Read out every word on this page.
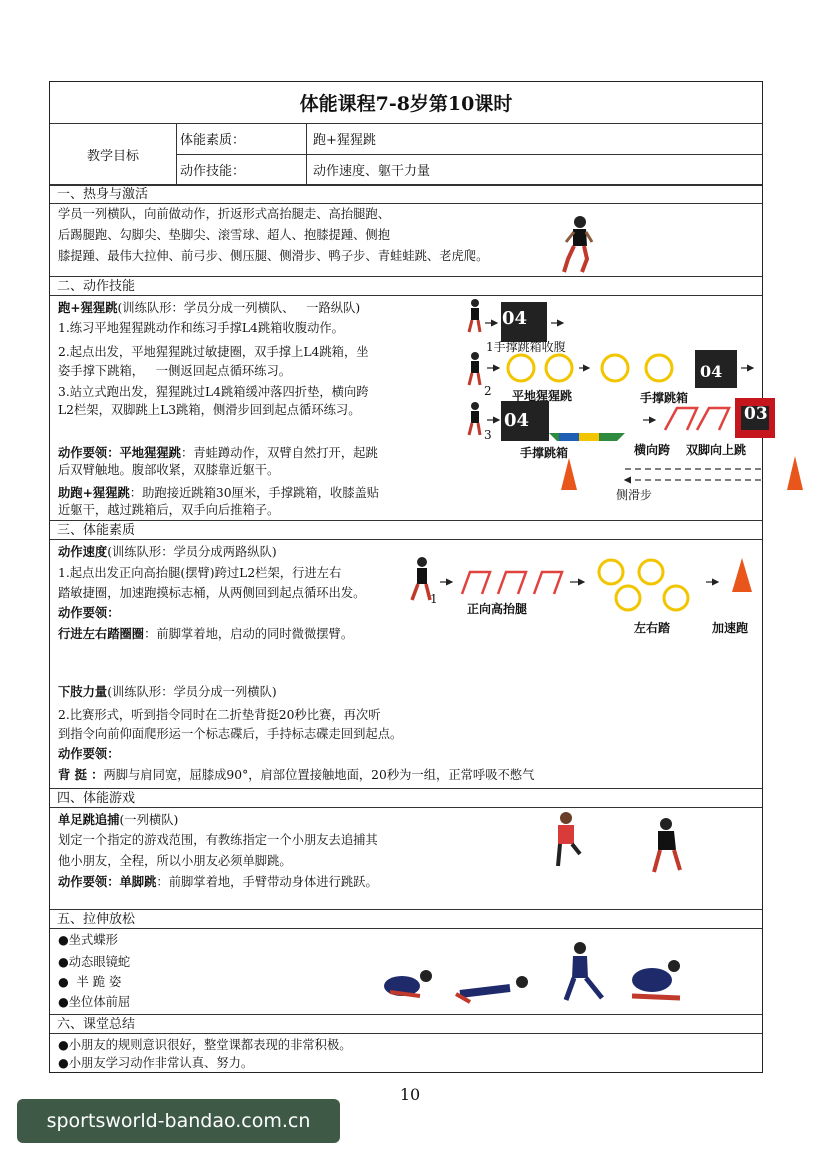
体能课程7-8岁第10课时
教学目标
体能素质：	跑+猩猩跳
动作技能：	动作速度、躯干力量
一、热身与激活
学员一列横队，向前做动作，折返形式高抬腿走、高抬腿跑、
后踢腿跑、勾脚尖、垫脚尖、滚雪球、超人、抱膝提踵、侧抱
膝提踵、最伟大拉伸、前弓步、侧压腿、侧滑步、鸭子步、青蛙蛙跳、老虎爬。
二、动作技能
跑+猩猩跳(训练队形：学员分成一列横队、   一路纵队)
1.练习平地猩猩跳动作和练习手撑L4跳箱收腹动作。
2.起点出发，平地猩猩跳过敏捷圈，双手撑上L4跳箱，坐
姿手撑下跳箱，   一侧返回起点循环练习。
3.站立式跑出发，猩猩跳过L4跳箱缓冲落四折垫，横向跨
L2栏架，双脚跳上L3跳箱，侧滑步回到起点循环练习。
动作要领：平地猩猩跳：青蛙蹲动作，双臂自然打开，起跳
后双臂触地。腹部收紧，双膝靠近躯干。
助跑+猩猩跳：助跑接近跳箱30厘米，手撑跳箱，收膝盖贴
近躯干，越过跳箱后，双手向后推箱子。
04
1手撑跳箱收腹
2 平地猩猩跳
04
手撑跳箱
3
04	03
手撑跳箱	横向跨 双脚向上跳
侧滑步
三、体能素质
动作速度(训练队形：学员分成两路纵队)
1.起点出发正向高抬腿(摆臂)跨过L2栏架，行进左右
踏敏捷圈，加速跑摸标志桶，从两侧回到起点循环出发。
动作要领：
行进左右踏圈圈：前脚掌着地，启动的同时微微摆臂。
1
正向高抬腿
左右踏	加速跑
下肢力量(训练队形：学员分成一列横队)
2.比赛形式，听到指令同时在二折垫背挺20秒比赛，再次听
到指令向前仰面爬形运一个标志碟后，手持标志碟走回到起点。
动作要领：
背 挺 ：两脚与肩同宽，屈膝成90°，肩部位置接触地面，20秒为一组，正常呼吸不憋气
四、体能游戏
单足跳追捕(一列横队)
划定一个指定的游戏范围，有教练指定一个小朋友去追捕其
他小朋友，全程，所以小朋友必须单脚跳。
动作要领：单脚跳：前脚掌着地，手臂带动身体进行跳跃。
五、拉伸放松
●坐式蝶形
●动态眼镜蛇
●  半 跪 姿
●坐位体前屈
六、课堂总结
●小朋友的规则意识很好，整堂课都表现的非常积极。
●小朋友学习动作非常认真、努力。
10
sportsworld-bandao.com.cn
